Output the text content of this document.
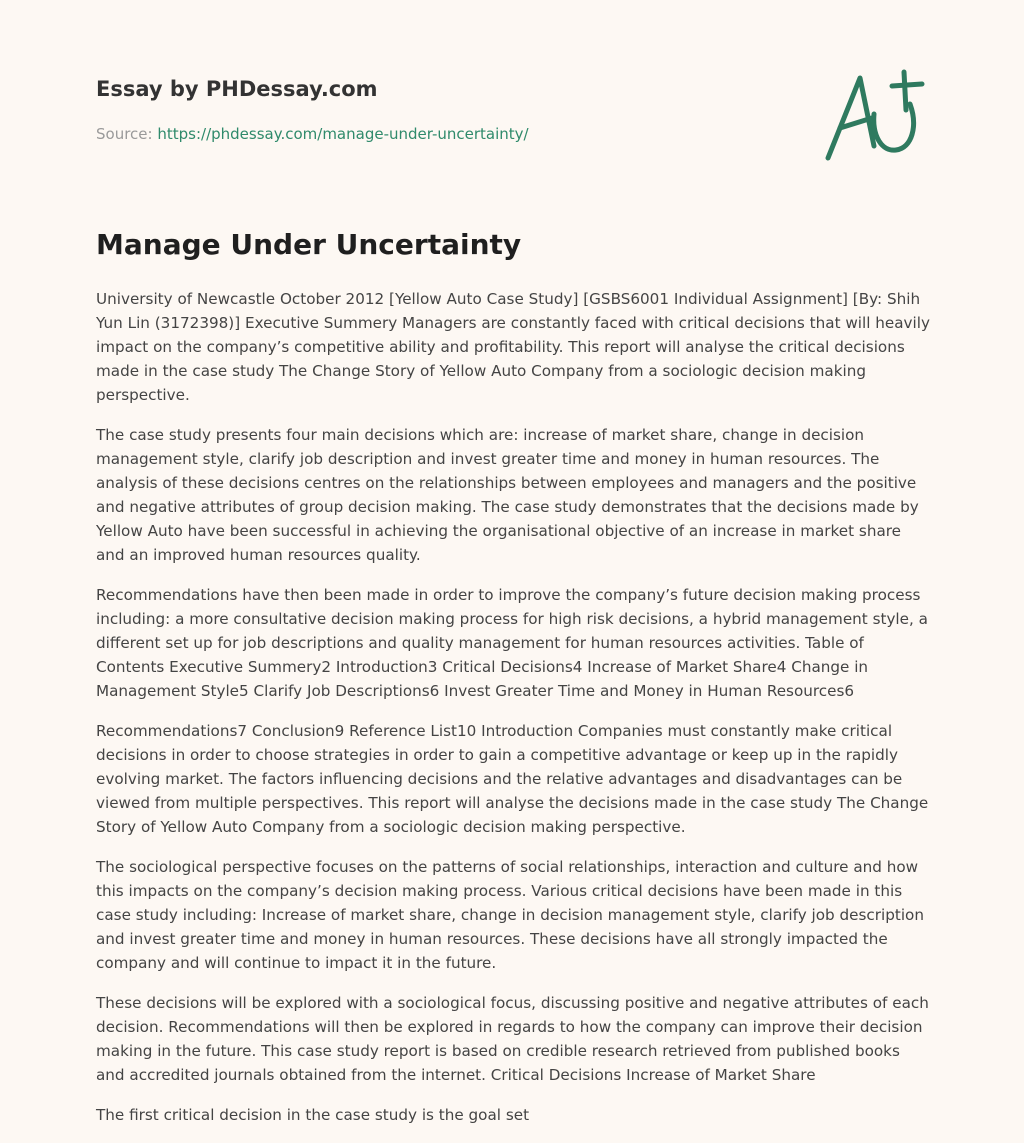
Essay by PHDessay.com

Source: https://phdessay.com/manage-under-uncertainty/
Manage Under Uncertainty

University of Newcastle October 2012 [Yellow Auto Case Study] [GSBS6001 Individual Assignment] [By: Shih Yun Lin (3172398)] Executive Summery Managers are constantly faced with critical decisions that will heavily impact on the company’s competitive ability and profitability. This report will analyse the critical decisions made in the case study The Change Story of Yellow Auto Company from a sociologic decision making perspective.

The case study presents four main decisions which are: increase of market share, change in decision management style, clarify job description and invest greater time and money in human resources. The analysis of these decisions centres on the relationships between employees and managers and the positive and negative attributes of group decision making. The case study demonstrates that the decisions made by Yellow Auto have been successful in achieving the organisational objective of an increase in market share and an improved human resources quality.

Recommendations have then been made in order to improve the company’s future decision making process including: a more consultative decision making process for high risk decisions, a hybrid management style, a different set up for job descriptions and quality management for human resources activities. Table of Contents Executive Summery2 Introduction3 Critical Decisions4 Increase of Market Share4 Change in Management Style5 Clarify Job Descriptions6 Invest Greater Time and Money in Human Resources6

Recommendations7 Conclusion9 Reference List10 Introduction Companies must constantly make critical decisions in order to choose strategies in order to gain a competitive advantage or keep up in the rapidly evolving market. The factors influencing decisions and the relative advantages and disadvantages can be viewed from multiple perspectives. This report will analyse the decisions made in the case study The Change Story of Yellow Auto Company from a sociologic decision making perspective.

The sociological perspective focuses on the patterns of social relationships, interaction and culture and how this impacts on the company’s decision making process. Various critical decisions have been made in this case study including: Increase of market share, change in decision management style, clarify job description and invest greater time and money in human resources. These decisions have all strongly impacted the company and will continue to impact it in the future.

These decisions will be explored with a sociological focus, discussing positive and negative attributes of each decision. Recommendations will then be explored in regards to how the company can improve their decision making in the future. This case study report is based on credible research retrieved from published books and accredited journals obtained from the internet. Critical Decisions Increase of Market Share

The first critical decision in the case study is the goal set
